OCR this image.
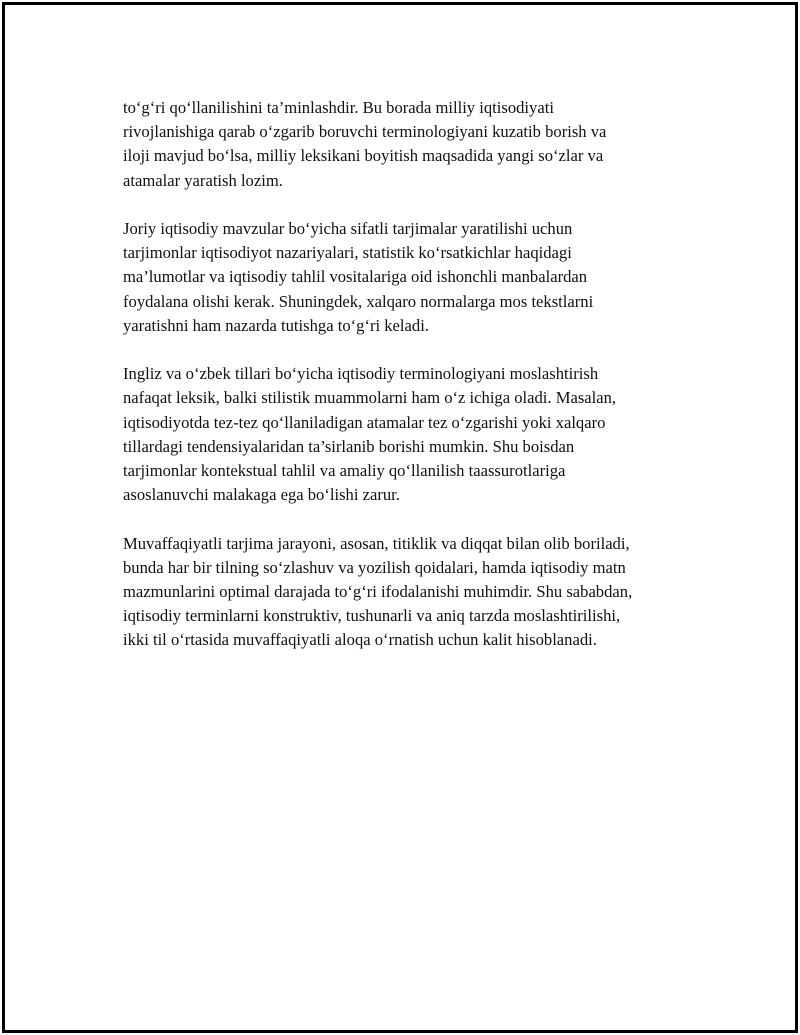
to‘g‘ri qo‘llanilishini ta’minlashdir. Bu borada milliy iqtisodiyati
rivojlanishiga qarab o‘zgarib boruvchi terminologiyani kuzatib borish va
iloji mavjud bo‘lsa, milliy leksikani boyitish maqsadida yangi so‘zlar va
atamalar yaratish lozim.

Joriy iqtisodiy mavzular bo‘yicha sifatli tarjimalar yaratilishi uchun
tarjimonlar iqtisodiyot nazariyalari, statistik ko‘rsatkichlar haqidagi
ma’lumotlar va iqtisodiy tahlil vositalariga oid ishonchli manbalardan
foydalana olishi kerak. Shuningdek, xalqaro normalarga mos tekstlarni
yaratishni ham nazarda tutishga to‘g‘ri keladi.

Ingliz va o‘zbek tillari bo‘yicha iqtisodiy terminologiyani moslashtirish
nafaqat leksik, balki stilistik muammolarni ham o‘z ichiga oladi. Masalan,
iqtisodiyotda tez-tez qo‘llaniladigan atamalar tez o‘zgarishi yoki xalqaro
tillardagi tendensiyalaridan ta’sirlanib borishi mumkin. Shu boisdan
tarjimonlar kontekstual tahlil va amaliy qo‘llanilish taassurotlariga
asoslanuvchi malakaga ega bo‘lishi zarur.

Muvaffaqiyatli tarjima jarayoni, asosan, titiklik va diqqat bilan olib boriladi,
bunda har bir tilning so‘zlashuv va yozilish qoidalari, hamda iqtisodiy matn
mazmunlarini optimal darajada to‘g‘ri ifodalanishi muhimdir. Shu sababdan,
iqtisodiy terminlarni konstruktiv, tushunarli va aniq tarzda moslashtirilishi,
ikki til o‘rtasida muvaffaqiyatli aloqa o‘rnatish uchun kalit hisoblanadi.
